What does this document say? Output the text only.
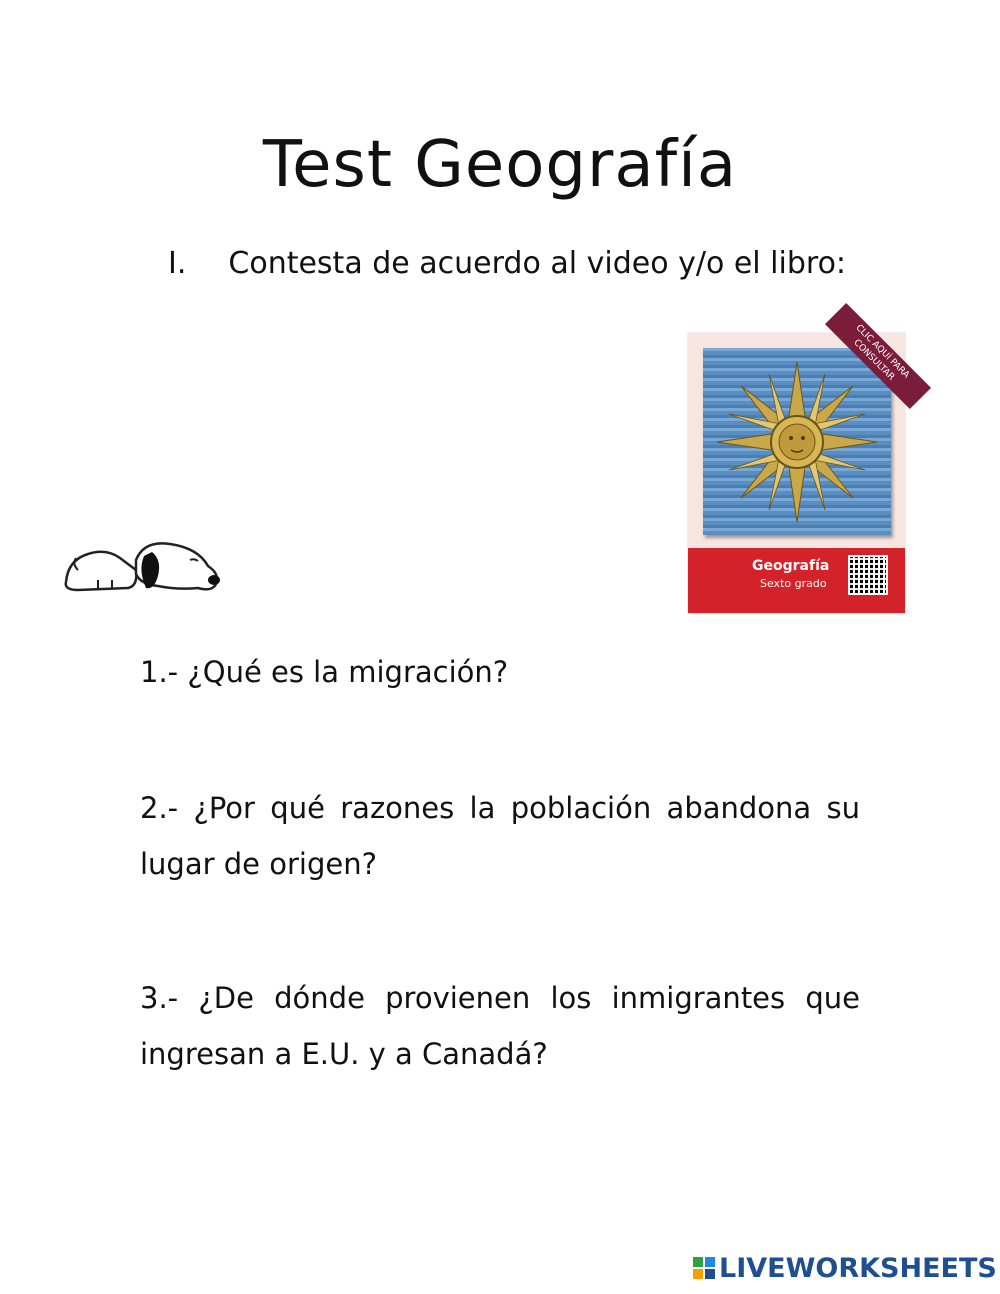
Test Geografía
I. Contesta de acuerdo al video y/o el libro:
CLIC AQUÍ PARA CONSULTAR
Geografía
Sexto grado

1.- ¿Qué es la migración?

2.- ¿Por qué razones la población abandona su lugar de origen?

3.- ¿De dónde provienen los inmigrantes que ingresan a E.U. y a Canadá?

LIVEWORKSHEETS
